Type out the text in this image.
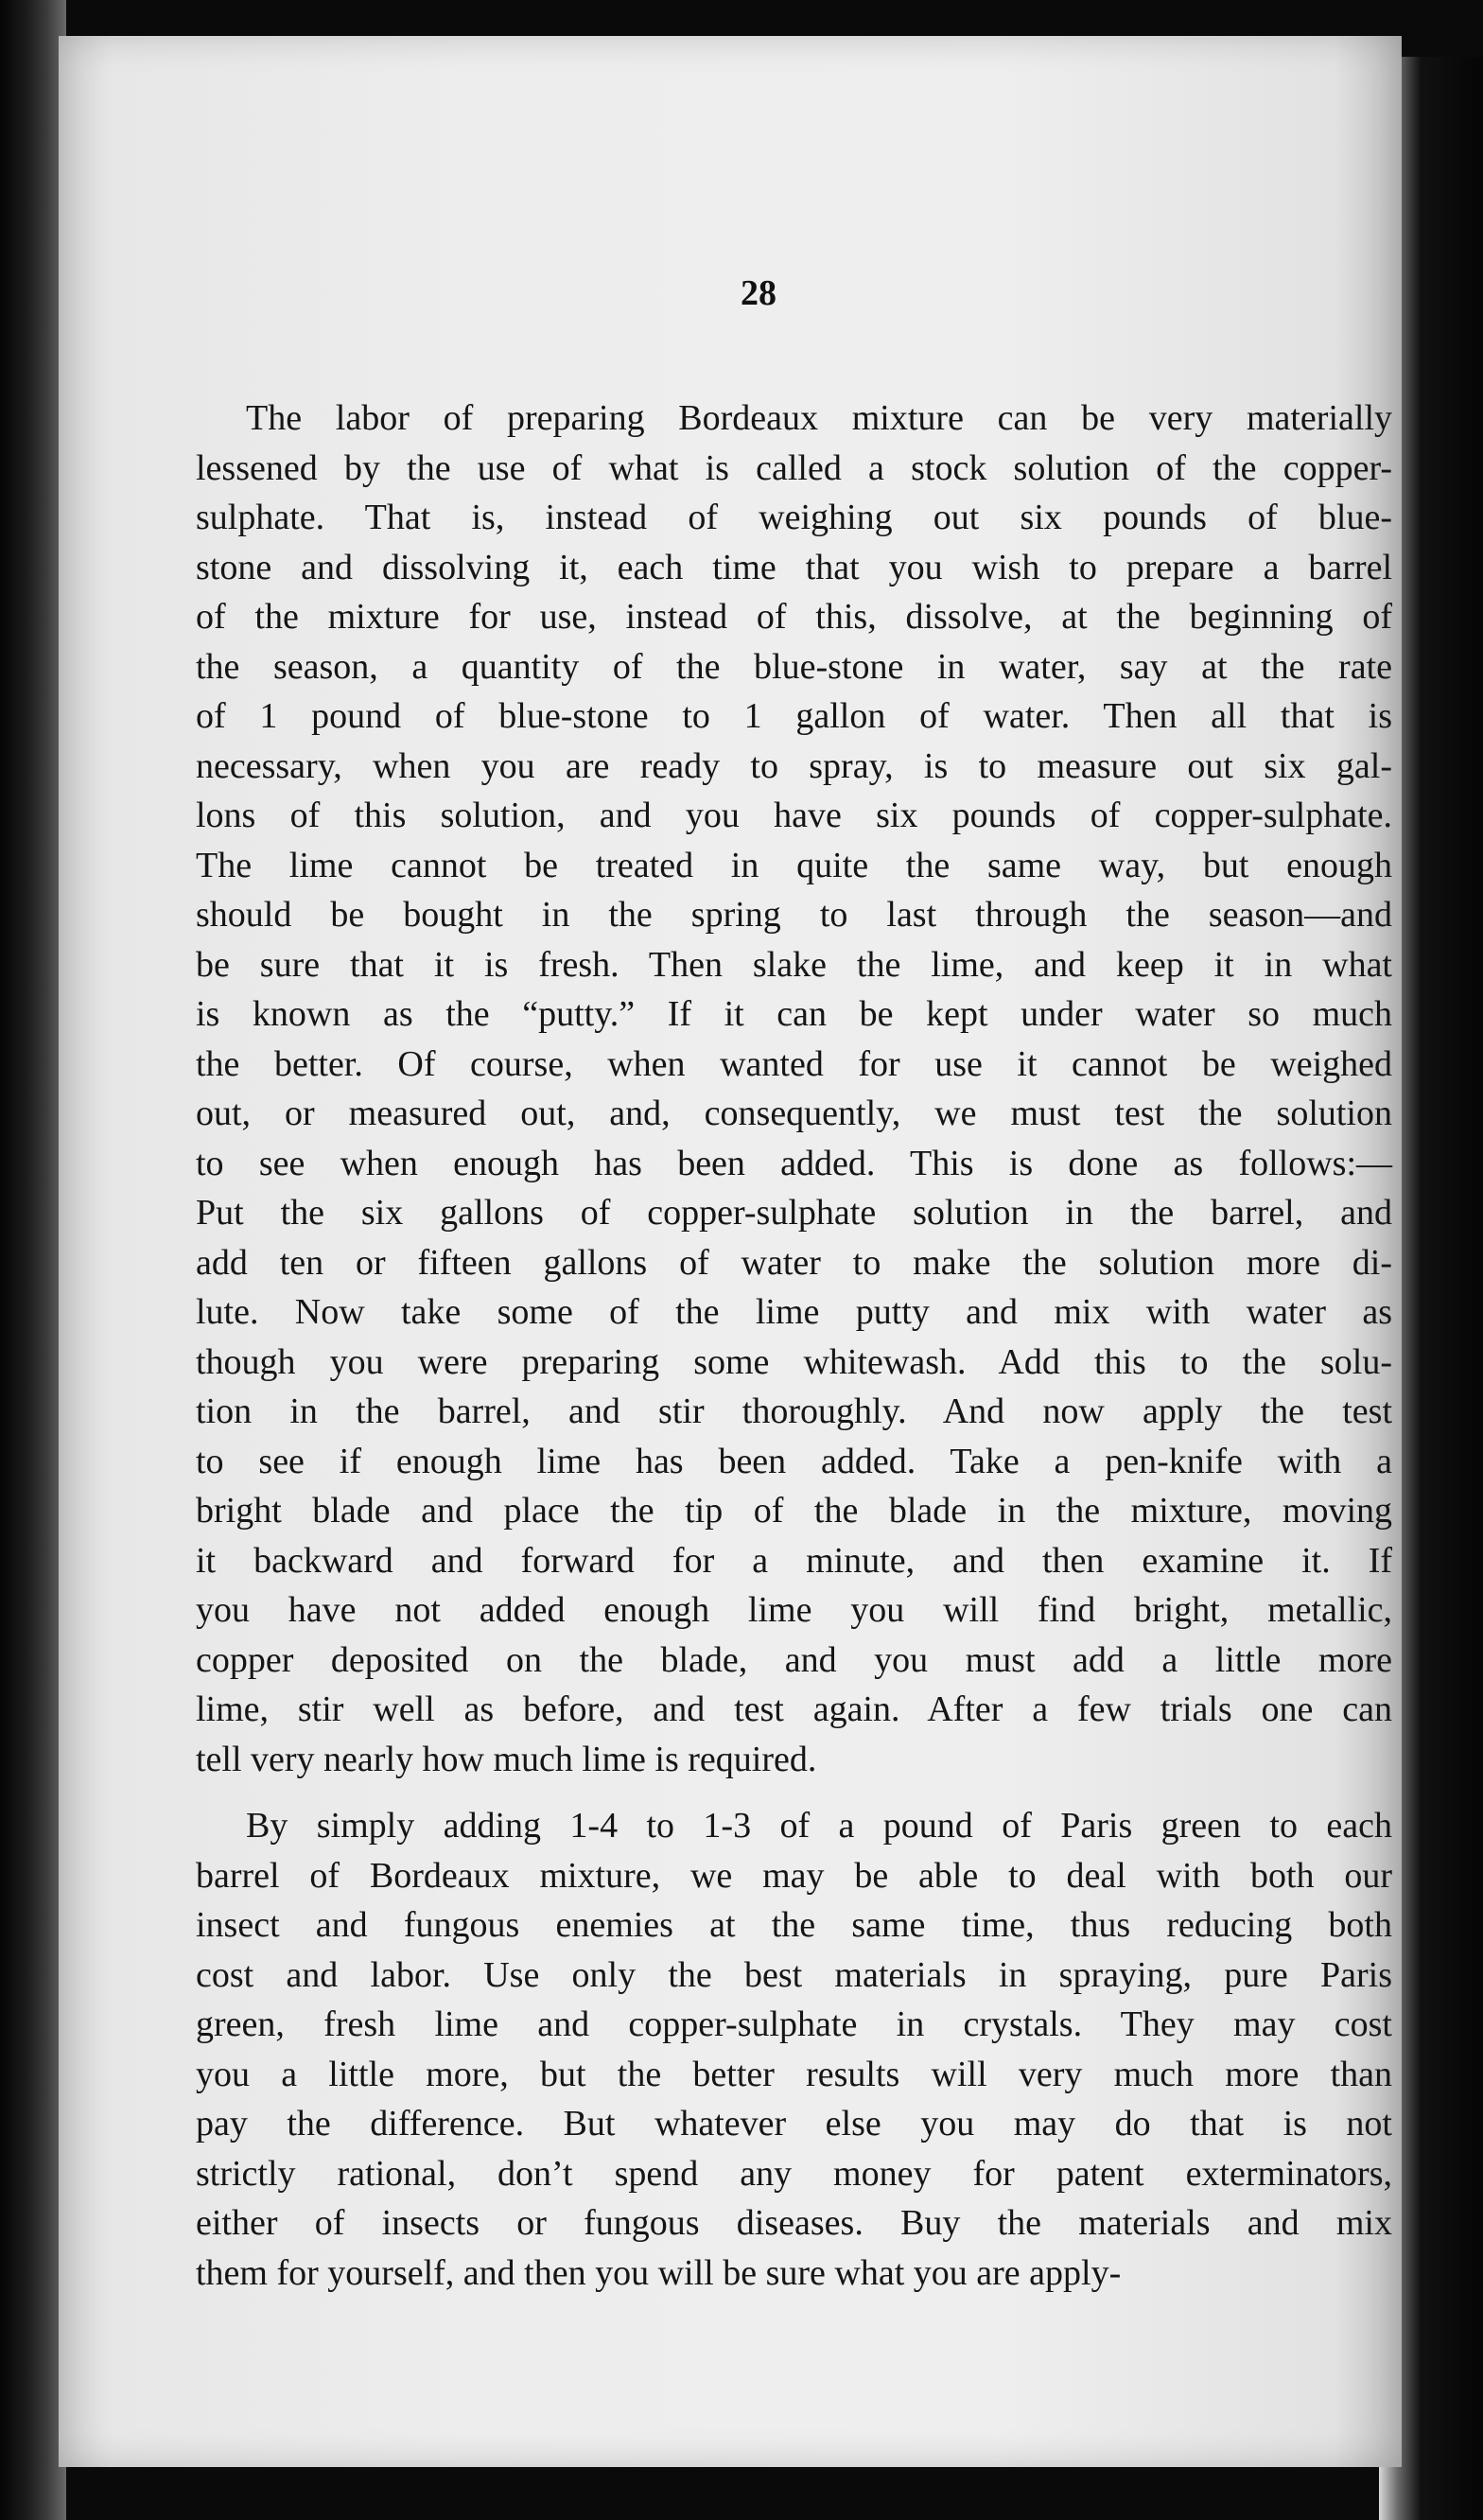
28
The labor of preparing Bordeaux mixture can be very materially
lessened by the use of what is called a stock solution of the copper-
sulphate. That is, instead of weighing out six pounds of blue-
stone and dissolving it, each time that you wish to prepare a barrel
of the mixture for use, instead of this, dissolve, at the beginning of
the season, a quantity of the blue-stone in water, say at the rate
of 1 pound of blue-stone to 1 gallon of water. Then all that is
necessary, when you are ready to spray, is to measure out six gal-
lons of this solution, and you have six pounds of copper-sulphate.
The lime cannot be treated in quite the same way, but enough
should be bought in the spring to last through the season—and
be sure that it is fresh. Then slake the lime, and keep it in what
is known as the “putty.” If it can be kept under water so much
the better. Of course, when wanted for use it cannot be weighed
out, or measured out, and, consequently, we must test the solution
to see when enough has been added. This is done as follows:—
Put the six gallons of copper-sulphate solution in the barrel, and
add ten or fifteen gallons of water to make the solution more di-
lute. Now take some of the lime putty and mix with water as
though you were preparing some whitewash. Add this to the solu-
tion in the barrel, and stir thoroughly. And now apply the test
to see if enough lime has been added. Take a pen-knife with a
bright blade and place the tip of the blade in the mixture, moving
it backward and forward for a minute, and then examine it. If
you have not added enough lime you will find bright, metallic,
copper deposited on the blade, and you must add a little more
lime, stir well as before, and test again. After a few trials one can
tell very nearly how much lime is required.
By simply adding 1-4 to 1-3 of a pound of Paris green to each
barrel of Bordeaux mixture, we may be able to deal with both our
insect and fungous enemies at the same time, thus reducing both
cost and labor. Use only the best materials in spraying, pure Paris
green, fresh lime and copper-sulphate in crystals. They may cost
you a little more, but the better results will very much more than
pay the difference. But whatever else you may do that is not
strictly rational, don’t spend any money for patent exterminators,
either of insects or fungous diseases. Buy the materials and mix
them for yourself, and then you will be sure what you are apply-
